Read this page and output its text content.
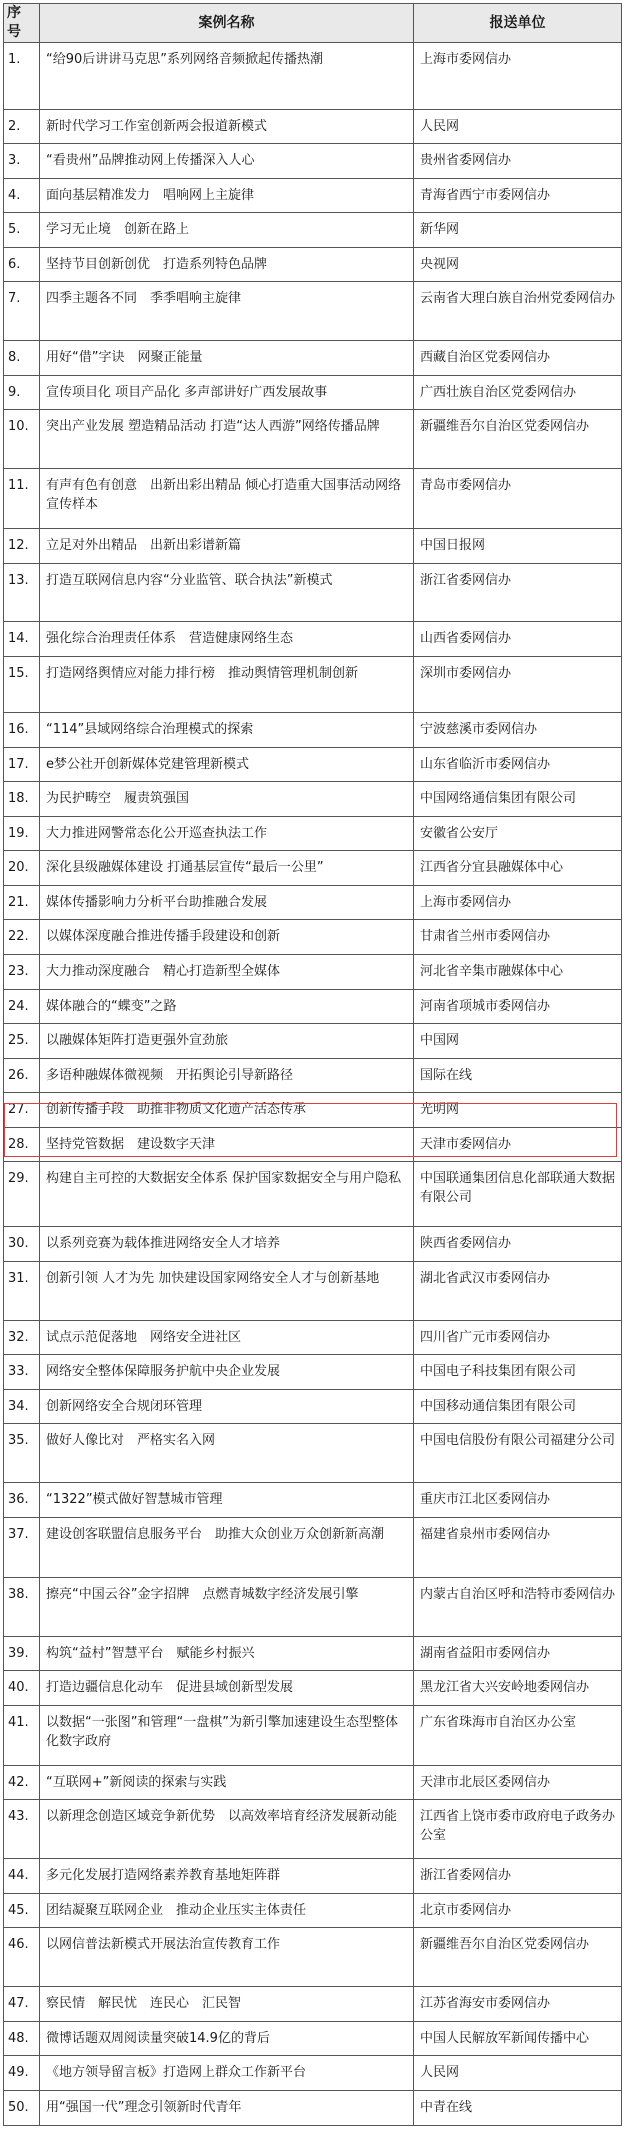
序号	案例名称	报送单位
1.	“给90后讲讲马克思”系列网络音频掀起传播热潮	上海市委网信办
2.	新时代学习工作室创新两会报道新模式	人民网
3.	“看贵州”品牌推动网上传播深入人心	贵州省委网信办
4.	面向基层精准发力　唱响网上主旋律	青海省西宁市委网信办
5.	学习无止境　创新在路上	新华网
6.	坚持节目创新创优　打造系列特色品牌	央视网
7.	四季主题各不同　季季唱响主旋律	云南省大理白族自治州党委网信办
8.	用好“借”字诀　网聚正能量	西藏自治区党委网信办
9.	宣传项目化 项目产品化 多声部讲好广西发展故事	广西壮族自治区党委网信办
10.	突出产业发展 塑造精品活动 打造“达人西游”网络传播品牌	新疆维吾尔自治区党委网信办
11.	有声有色有创意　出新出彩出精品 倾心打造重大国事活动网络宣传样本	青岛市委网信办
12.	立足对外出精品　出新出彩谱新篇	中国日报网
13.	打造互联网信息内容“分业监管、联合执法”新模式	浙江省委网信办
14.	强化综合治理责任体系　营造健康网络生态	山西省委网信办
15.	打造网络舆情应对能力排行榜　推动舆情管理机制创新	深圳市委网信办
16.	“114”县域网络综合治理模式的探索	宁波慈溪市委网信办
17.	e梦公社开创新媒体党建管理新模式	山东省临沂市委网信办
18.	为民护畴空　履责筑强国	中国网络通信集团有限公司
19.	大力推进网警常态化公开巡查执法工作	安徽省公安厅
20.	深化县级融媒体建设 打通基层宣传“最后一公里”	江西省分宜县融媒体中心
21.	媒体传播影响力分析平台助推融合发展	上海市委网信办
22.	以媒体深度融合推进传播手段建设和创新	甘肃省兰州市委网信办
23.	大力推动深度融合　精心打造新型全媒体	河北省辛集市融媒体中心
24.	媒体融合的“蝶变”之路	河南省项城市委网信办
25.	以融媒体矩阵打造更强外宣劲旅	中国网
26.	多语种融媒体微视频　开拓舆论引导新路径	国际在线
27.	创新传播手段　助推非物质文化遗产活态传承	光明网
28.	坚持党管数据　建设数字天津	天津市委网信办
29.	构建自主可控的大数据安全体系 保护国家数据安全与用户隐私	中国联通集团信息化部联通大数据有限公司
30.	以系列竞赛为载体推进网络安全人才培养	陕西省委网信办
31.	创新引领 人才为先 加快建设国家网络安全人才与创新基地	湖北省武汉市委网信办
32.	试点示范促落地　网络安全进社区	四川省广元市委网信办
33.	网络安全整体保障服务护航中央企业发展	中国电子科技集团有限公司
34.	创新网络安全合规闭环管理	中国移动通信集团有限公司
35.	做好人像比对　严格实名入网	中国电信股份有限公司福建分公司
36.	“1322”模式做好智慧城市管理	重庆市江北区委网信办
37.	建设创客联盟信息服务平台　助推大众创业万众创新新高潮	福建省泉州市委网信办
38.	擦亮“中国云谷”金字招牌　点燃青城数字经济发展引擎	内蒙古自治区呼和浩特市委网信办
39.	构筑“益村”智慧平台　赋能乡村振兴	湖南省益阳市委网信办
40.	打造边疆信息化动车　促进县域创新型发展	黑龙江省大兴安岭地委网信办
41.	以数据“一张图”和管理“一盘棋”为新引擎加速建设生态型整体化数字政府	广东省珠海市自治区办公室
42.	“互联网+”新阅读的探索与实践	天津市北辰区委网信办
43.	以新理念创造区域竞争新优势　以高效率培育经济发展新动能	江西省上饶市委市政府电子政务办公室
44.	多元化发展打造网络素养教育基地矩阵群	浙江省委网信办
45.	团结凝聚互联网企业　推动企业压实主体责任	北京市委网信办
46.	以网信普法新模式开展法治宣传教育工作	新疆维吾尔自治区党委网信办
47.	察民情　解民忧　连民心　汇民智	江苏省海安市委网信办
48.	微博话题双周阅读量突破14.9亿的背后	中国人民解放军新闻传播中心
49.	《地方领导留言板》打造网上群众工作新平台	人民网
50.	用“强国一代”理念引领新时代青年	中青在线
